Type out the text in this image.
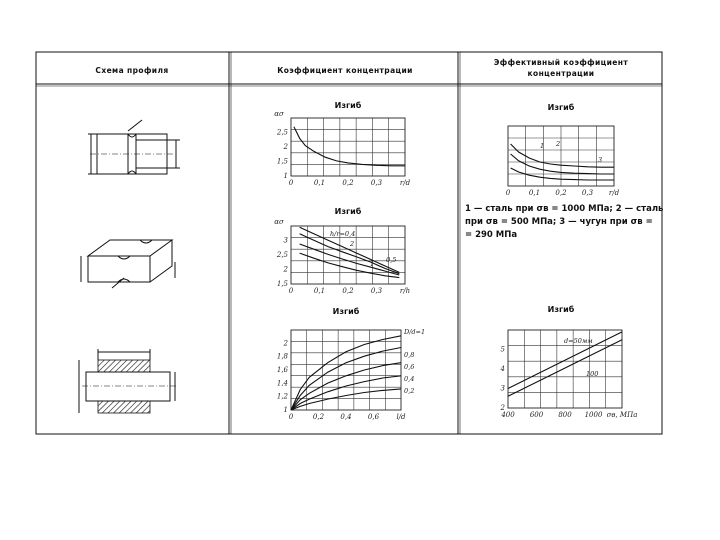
Схема профиля	Коэффициент концентрации
Эффективный коэффициент
концентрации
Изгиб
0	0,1 0,2 0,3	r/d
1
1,5
2
2,5
ασ
Изгиб
0	0,1 0,2 0,3	r/h
1,5
2
2,5
3
ασ
h/r=0,4
2
1 0,5
Изгиб
0	0,2 0,4 0,6 l/d
1
1,2
1,4
1,6
1,8
2
D/d=1
0,8
0,6
0,4
0,2
Изгиб
0	0,1 0,2 0,3 r/d
1 2
3
Изгиб
400 600 800 1000 σв, МПа
2
3
4
5
d=50мм
100
1 — сталь при σв = 1000 МПа; 2 — сталь
при σв = 500 МПа; 3 — чугун при σв =
= 290 МПа
